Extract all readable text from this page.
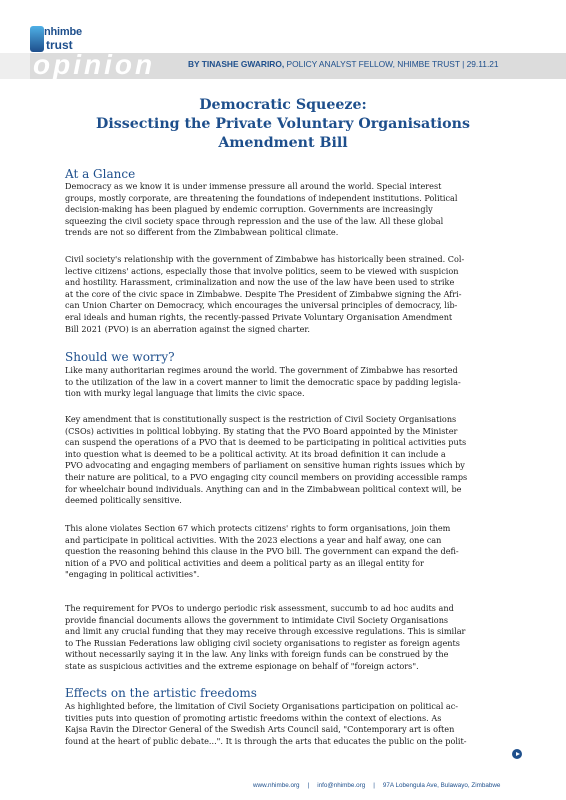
nhimbe
trust
opinion	BY TINASHE GWARIRO, POLICY ANALYST FELLOW, NHIMBE TRUST | 29.11.21
Democratic Squeeze:
Dissecting the Private Voluntary Organisations
Amendment Bill
At a Glance
Democracy as we know it is under immense pressure all around the world. Special interest
groups, mostly corporate, are threatening the foundations of independent institutions. Political
decision-making has been plagued by endemic corruption. Governments are increasingly
squeezing the civil society space through repression and the use of the law. All these global
trends are not so different from the Zimbabwean political climate.
Civil society's relationship with the government of Zimbabwe has historically been strained. Col-
lective citizens' actions, especially those that involve politics, seem to be viewed with suspicion
and hostility. Harassment, criminalization and now the use of the law have been used to strike
at the core of the civic space in Zimbabwe. Despite The President of Zimbabwe signing the Afri-
can Union Charter on Democracy, which encourages the universal principles of democracy, lib-
eral ideals and human rights, the recently-passed Private Voluntary Organisation Amendment
Bill 2021 (PVO) is an aberration against the signed charter.
Should we worry?
Like many authoritarian regimes around the world. The government of Zimbabwe has resorted
to the utilization of the law in a covert manner to limit the democratic space by padding legisla-
tion with murky legal language that limits the civic space.
Key amendment that is constitutionally suspect is the restriction of Civil Society Organisations
(CSOs) activities in political lobbying. By stating that the PVO Board appointed by the Minister
can suspend the operations of a PVO that is deemed to be participating in political activities puts
into question what is deemed to be a political activity. At its broad definition it can include a
PVO advocating and engaging members of parliament on sensitive human rights issues which by
their nature are political, to a PVO engaging city council members on providing accessible ramps
for wheelchair bound individuals. Anything can and in the Zimbabwean political context will, be
deemed politically sensitive.
This alone violates Section 67 which protects citizens' rights to form organisations, join them
and participate in political activities. With the 2023 elections a year and half away, one can
question the reasoning behind this clause in the PVO bill. The government can expand the defi-
nition of a PVO and political activities and deem a political party as an illegal entity for
"engaging in political activities".
The requirement for PVOs to undergo periodic risk assessment, succumb to ad hoc audits and
provide financial documents allows the government to intimidate Civil Society Organisations
and limit any crucial funding that they may receive through excessive regulations. This is similar
to The Russian Federations law obliging civil society organisations to register as foreign agents
without necessarily saying it in the law. Any links with foreign funds can be construed by the
state as suspicious activities and the extreme espionage on behalf of "foreign actors".
Effects on the artistic freedoms
As highlighted before, the limitation of Civil Society Organisations participation on political ac-
tivities puts into question of promoting artistic freedoms within the context of elections. As
Kajsa Ravin the Director General of the Swedish Arts Council said, "Contemporary art is often
found at the heart of public debate...". It is through the arts that educates the public on the polit-
www.nhimbe.org | info@nhimbe.org | 97A Lobengula Ave, Bulawayo, Zimbabwe
